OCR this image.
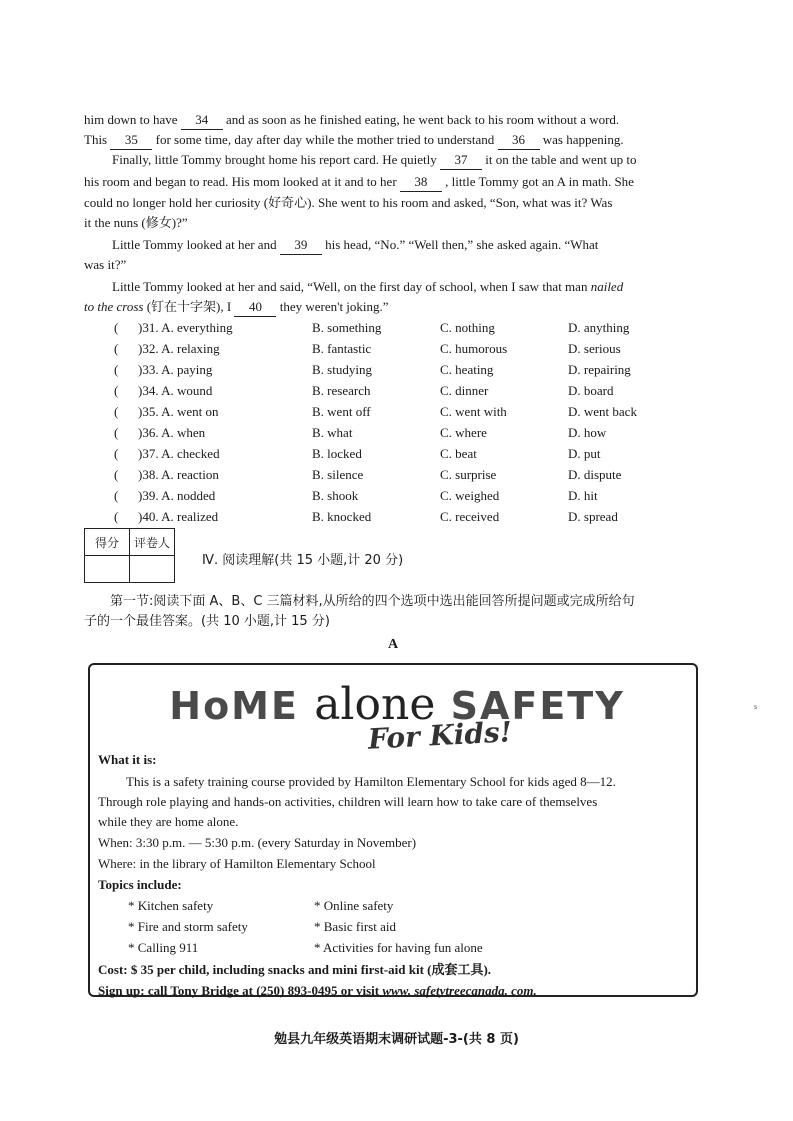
him down to have 34 and as soon as he finished eating, he went back to his room without a word.
This 35 for some time, day after day while the mother tried to understand 36 was happening.
Finally, little Tommy brought home his report card. He quietly 37 it on the table and went up to
his room and began to read. His mom looked at it and to her 38 , little Tommy got an A in math. She
could no longer hold her curiosity (好奇心). She went to his room and asked, “Son, what was it? Was
it the nuns (修女)?”
Little Tommy looked at her and 39 his head, “No.” “Well then,” she asked again. “What
was it?”
Little Tommy looked at her and said, “Well, on the first day of school, when I saw that man nailed
to the cross (钉在十字架), I 40 they weren't joking.”
( )31. A. everything	B. something	C. nothing	D. anything
( )32. A. relaxing	B. fantastic	C. humorous	D. serious
( )33. A. paying	B. studying	C. heating	D. repairing
( )34. A. wound	B. research	C. dinner	D. board
( )35. A. went on	B. went off	C. went with	D. went back
( )36. A. when	B. what	C. where	D. how
( )37. A. checked	B. locked	C. beat	D. put
( )38. A. reaction	B. silence	C. surprise	D. dispute
( )39. A. nodded	B. shook	C. weighed	D. hit
( )40. A. realized	B. knocked	C. received	D. spread
得分	评卷人

Ⅳ. 阅读理解(共 15 小题,计 20 分)
第一节:阅读下面 A、B、C 三篇材料,从所给的四个选项中选出能回答所提问题或完成所给句
子的一个最佳答案。(共 10 小题,计 15 分)
A
HoME alone SAFETY
For Kids!
What it is:
This is a safety training course provided by Hamilton Elementary School for kids aged 8—12.
Through role playing and hands-on activities, children will learn how to take care of themselves
while they are home alone.
When: 3:30 p.m. — 5:30 p.m. (every Saturday in November)
Where: in the library of Hamilton Elementary School
Topics include:
* Kitchen safety	* Online safety
* Fire and storm safety	* Basic first aid
* Calling 911	* Activities for having fun alone
Cost: $ 35 per child, including snacks and mini first-aid kit (成套工具).
Sign up: call Tony Bridge at (250) 893-0495 or visit www. safetytreecanada. com.
s
勉县九年级英语期末调研试题-3-(共 8 页)
